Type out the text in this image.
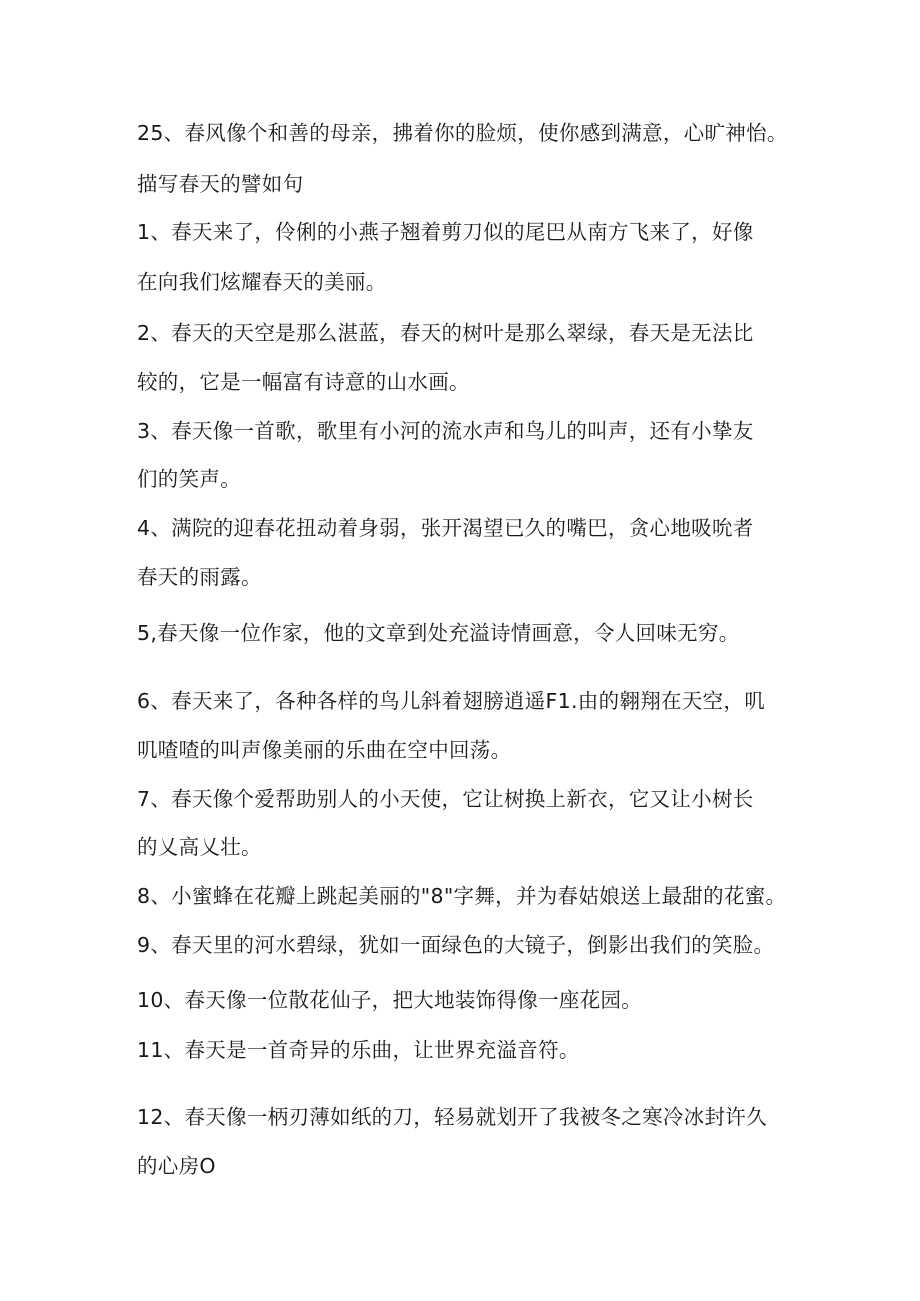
25、春风像个和善的母亲，拂着你的脸烦，使你感到满意，心旷神怡。
描写春天的譬如句
1、春天来了，伶俐的小燕子翘着剪刀似的尾巴从南方飞来了，好像
在向我们炫耀春天的美丽。
2、春天的天空是那么湛蓝，春天的树叶是那么翠绿，春天是无法比
较的，它是一幅富有诗意的山水画。
3、春天像一首歌，歌里有小河的流水声和鸟儿的叫声，还有小挚友
们的笑声。
4、满院的迎春花扭动着身弱，张开渴望已久的嘴巴，贪心地吸吮者
春天的雨露。
5,春天像一位作家，他的文章到处充溢诗情画意，令人回味无穷。
6、春天来了，各种各样的鸟儿斜着翅膀逍遥F1.由的翱翔在天空，叽
叽喳喳的叫声像美丽的乐曲在空中回荡。
7、春天像个爱帮助别人的小天使，它让树换上新衣，它又让小树长
的乂高乂壮。
8、小蜜蜂在花瓣上跳起美丽的"8"字舞，并为春姑娘送上最甜的花蜜。
9、春天里的河水碧绿，犹如一面绿色的大镜子，倒影出我们的笑脸。
10、春天像一位散花仙子，把大地装饰得像一座花园。
11、春天是一首奇异的乐曲，让世界充溢音符。
12、春天像一柄刃薄如纸的刀，轻易就划开了我被冬之寒冷冰封许久
的心房O
